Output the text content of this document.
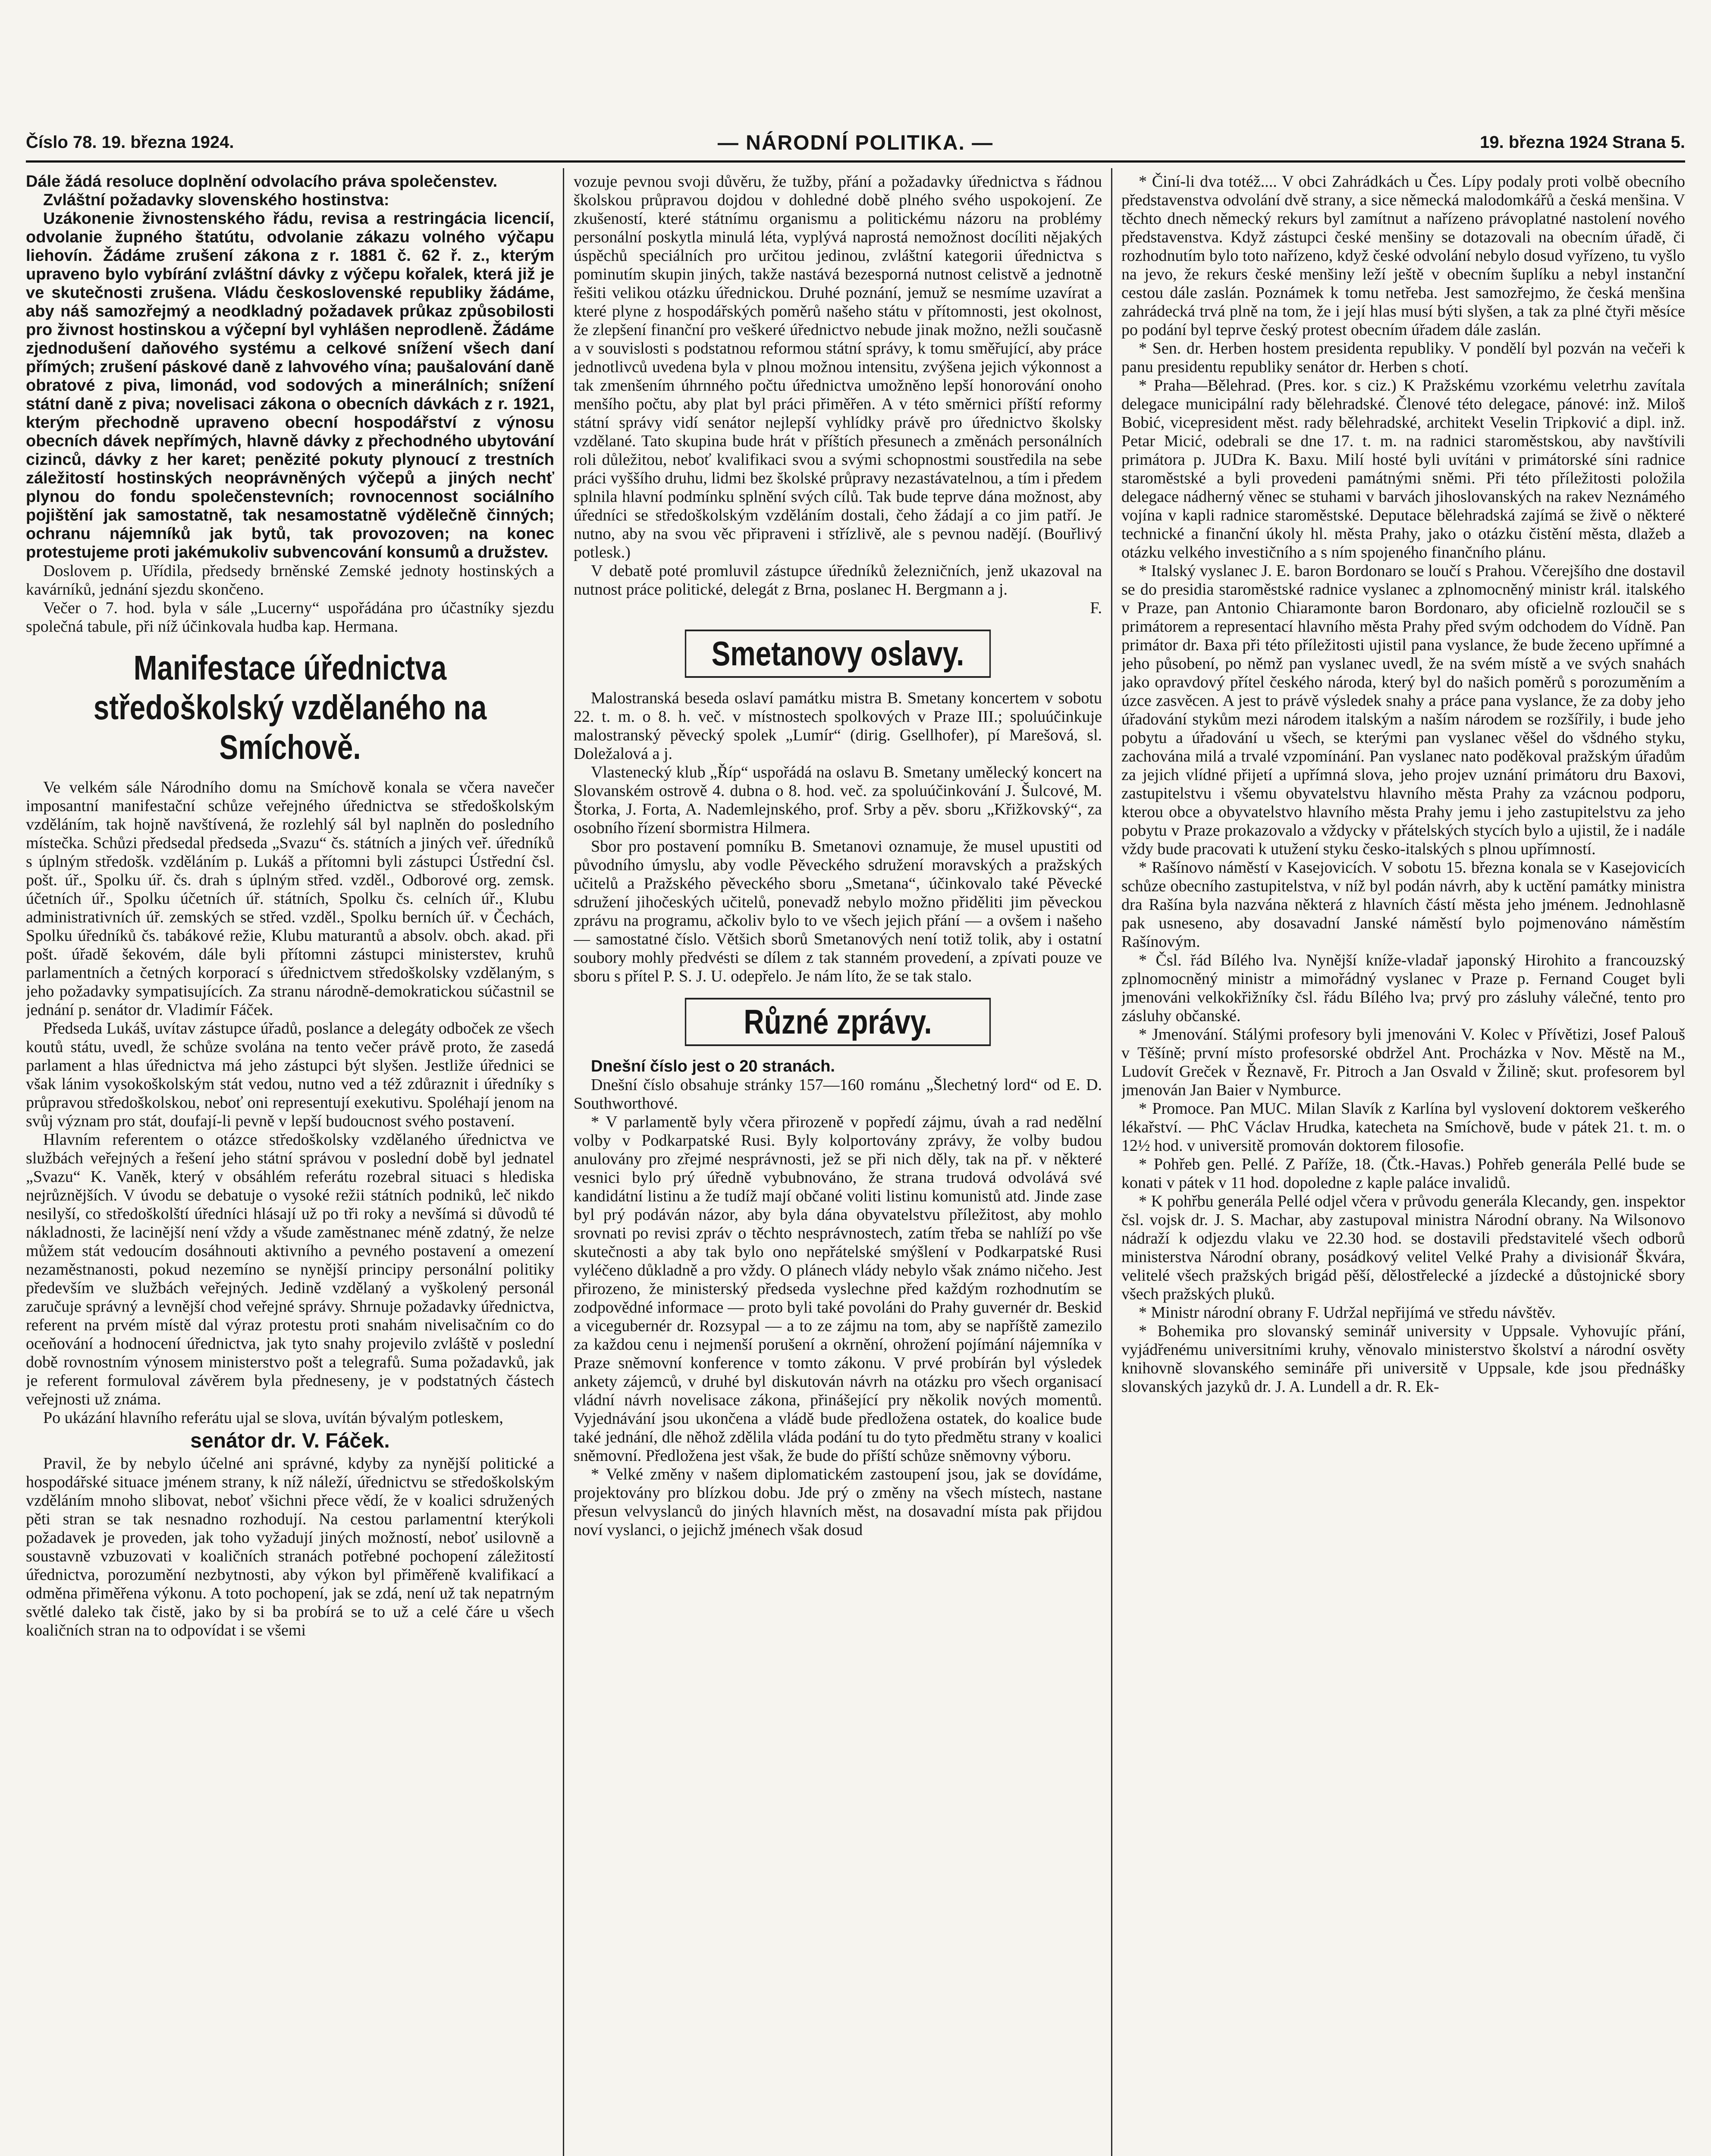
Číslo 78. 19. března 1924.	— NÁRODNÍ POLITIKA. —	19. března 1924 Strana 5.

Dále žádá resoluce doplnění odvolacího práva společenstev.

Zvláštní požadavky slovenského hostinstva:

Uzákonenie živnostenského řádu, revisa a restringácia licencií, odvolanie župného štatútu, odvolanie zákazu volného výčapu liehovín. Žádáme zrušení zákona z r. 1881 č. 62 ř. z., kterým upraveno bylo vybírání zvláštní dávky z výčepu kořalek, která již je ve skutečnosti zrušena. Vládu československé republiky žádáme, aby náš samozřejmý a neodkladný požadavek průkaz způsobilosti pro živnost hostinskou a výčepní byl vyhlášen neprodleně. Žádáme zjednodušení daňového systému a celkové snížení všech daní přímých; zrušení páskové daně z lahvového vína; paušalování daně obratové z piva, limonád, vod sodových a minerálních; snížení státní daně z piva; novelisaci zákona o obecních dávkách z r. 1921, kterým přechodně upraveno obecní hospodářství z výnosu obecních dávek nepřímých, hlavně dávky z přechodného ubytování cizinců, dávky z her karet; penězité pokuty plynoucí z trestních záležitostí hostinských neoprávněných výčepů a jiných nechť plynou do fondu společenstevních; rovnocennost sociálního pojištění jak samostatně, tak nesamostatně výdělečně činných; ochranu nájemníků jak bytů, tak provozoven; na konec protestujeme proti jakémukoliv subvencování konsumů a družstev.

Doslovem p. Uřídila, předsedy brněnské Zemské jednoty hostinských a kavárníků, jednání sjezdu skončeno.

Večer o 7. hod. byla v sále „Lucerny“ uspořádána pro účastníky sjezdu společná tabule, při níž účinkovala hudba kap. Hermana.

Manifestace úřednictva středoškolský vzdělaného na Smíchově.

Ve velkém sále Národního domu na Smíchově konala se včera navečer imposantní manifestační schůze veřejného úřednictva se středoškolským vzděláním, tak hojně navštívená, že rozlehlý sál byl naplněn do posledního místečka. Schůzi předsedal předseda „Svazu“ čs. státních a jiných veř. úředníků s úplným středošk. vzděláním p. Lukáš a přítomni byli zástupci Ústřední čsl. pošt. úř., Spolku úř. čs. drah s úplným střed. vzděl., Odborové org. zemsk. účetních úř., Spolku účetních úř. státních, Spolku čs. celních úř., Klubu administrativních úř. zemských se střed. vzděl., Spolku berních úř. v Čechách, Spolku úředníků čs. tabákové režie, Klubu maturantů a absolv. obch. akad. při pošt. úřadě šekovém, dále byli přítomni zástupci ministerstev, kruhů parlamentních a četných korporací s úřednictvem středoškolsky vzdělaným, s jeho požadavky sympatisujících. Za stranu národně-demokratickou súčastnil se jednání p. senátor dr. Vladimír Fáček.

Předseda Lukáš, uvítav zástupce úřadů, poslance a delegáty odboček ze všech koutů státu, uvedl, že schůze svolána na tento večer právě proto, že zasedá parlament a hlas úřednictva má jeho zástupci být slyšen. Jestliže úřednici se však lánim vysokoškolským stát vedou, nutno ved a též zdůraznit i úředníky s průpravou středoškolskou, neboť oni representují exekutivu. Spoléhají jenom na svůj význam pro stát, doufají-li pevně v lepší budoucnost svého postavení.

Hlavním referentem o otázce středoškolsky vzdělaného úřednictva ve službách veřejných a řešení jeho státní správou v poslední době byl jednatel „Svazu“ K. Vaněk, který v obsáhlém referátu rozebral situaci s hlediska nejrůznějších. V úvodu se debatuje o vysoké režii státních podniků, leč nikdo nesilyší, co středoškolští úředníci hlásají už po tři roky a nevšímá si důvodů té nákladnosti, že lacinější není vždy a všude zaměstnanec méně zdatný, že nelze můžem stát vedoucím dosáhnouti aktivního a pevného postavení a omezení nezaměstnanosti, pokud nezemíno se nynější principy personální politiky především ve službách veřejných. Jedině vzdělaný a vyškolený personál zaručuje správný a levnější chod veřejné správy. Shrnuje požadavky úřednictva, referent na prvém místě dal výraz protestu proti snahám nivelisačním co do oceňování a hodnocení úřednictva, jak tyto snahy projevilo zvláště v poslední době rovnostním výnosem ministerstvo pošt a telegrafů. Suma požadavků, jak je referent formuloval závěrem byla předneseny, je v podstatných částech veřejnosti už známa.

Po ukázání hlavního referátu ujal se slova, uvítán bývalým potleskem,

senátor dr. V. Fáček.

Pravil, že by nebylo účelné ani správné, kdyby za nynější politické a hospodářské situace jménem strany, k níž náleží, úřednictvu se středoškolským vzděláním mnoho slibovat, neboť všichni přece vědí, že v koalici sdružených pěti stran se tak nesnadno rozhodují. Na cestou parlamentní kterýkoli požadavek je proveden, jak toho vyžadují jiných možností, neboť usilovně a soustavně vzbuzovati v koaličních stranách potřebné pochopení záležitostí úřednictva, porozumění nezbytnosti, aby výkon byl přiměřeně kvalifikací a odměna přiměřena výkonu. A toto pochopení, jak se zdá, není už tak nepatrným světlé daleko tak čistě, jako by si ba probírá se to už a celé čáre u všech koaličních stran na to odpovídat i se všemi

vozuje pevnou svoji důvěru, že tužby, přání a požadavky úřednictva s řádnou školskou průpravou dojdou v dohledné době plného svého uspokojení. Ze zkušeností, které státnímu organismu a politickému názoru na problémy personální poskytla minulá léta, vyplývá naprostá nemožnost docíliti nějakých úspěchů speciálních pro určitou jedinou, zvláštní kategorii úřednictva s pominutím skupin jiných, takže nastává bezesporná nutnost celistvě a jednotně řešiti velikou otázku úřednickou. Druhé poznání, jemuž se nesmíme uzavírat a které plyne z hospodářských poměrů našeho státu v přítomnosti, jest okolnost, že zlepšení finanční pro veškeré úřednictvo nebude jinak možno, nežli současně a v souvislosti s podstatnou reformou státní správy, k tomu směřující, aby práce jednotlivců uvedena byla v plnou možnou intensitu, zvýšena jejich výkonnost a tak zmenšením úhrnného počtu úřednictva umožněno lepší honorování onoho menšího počtu, aby plat byl práci přiměřen. A v této směrnici příští reformy státní správy vidí senátor nejlepší vyhlídky právě pro úřednictvo školsky vzdělané. Tato skupina bude hrát v příštích přesunech a změnách personálních roli důležitou, neboť kvalifikaci svou a svými schopnostmi soustředila na sebe práci vyššího druhu, lidmi bez školské průpravy nezastávatelnou, a tím i předem splnila hlavní podmínku splnění svých cílů. Tak bude teprve dána možnost, aby úředníci se středoškolským vzděláním dostali, čeho žádají a co jim patří. Je nutno, aby na svou věc připraveni i střízlivě, ale s pevnou nadějí. (Bouřlivý potlesk.)

V debatě poté promluvil zástupce úředníků železničních, jenž ukazoval na nutnost práce politické, delegát z Brna, poslanec H. Bergmann a j.

F.

Smetanovy oslavy.

Malostranská beseda oslaví památku mistra B. Smetany koncertem v sobotu 22. t. m. o 8. h. več. v místnostech spolkových v Praze III.; spoluúčinkuje malostranský pěvecký spolek „Lumír“ (dirig. Gsellhofer), pí Marešová, sl. Doležalová a j.

Vlastenecký klub „Říp“ uspořádá na oslavu B. Smetany umělecký koncert na Slovanském ostrově 4. dubna o 8. hod. več. za spoluúčinkování J. Šulcové, M. Štorka, J. Forta, A. Nademlejnského, prof. Srby a pěv. sboru „Křižkovský“, za osobního řízení sbormistra Hilmera.

Sbor pro postavení pomníku B. Smetanovi oznamuje, že musel upustiti od původního úmyslu, aby vodle Pěveckého sdružení moravských a pražských učitelů a Pražského pěveckého sboru „Smetana“, účinkovalo také Pěvecké sdružení jihočeských učitelů, ponevadž nebylo možno přiděliti jim pěveckou zprávu na programu, ačkoliv bylo to ve všech jejich přání — a ovšem i našeho — samostatné číslo. Většich sborů Smetanových není totiž tolik, aby i ostatní soubory mohly předvésti se dílem z tak stanném provedení, a zpívati pouze ve sboru s přítel P. S. J. U. odepřelo. Je nám líto, že se tak stalo.

Různé zprávy.

Dnešní číslo jest o 20 stranách.

Dnešní číslo obsahuje stránky 157—160 románu „Šlechetný lord“ od E. D. Southworthové.

* V parlamentě byly včera přirozeně v popředí zájmu, úvah a rad nedělní volby v Podkarpatské Rusi. Byly kolportovány zprávy, že volby budou anulovány pro zřejmé nesprávnosti, jež se při nich děly, tak na př. v některé vesnici bylo prý úředně vybubnováno, že strana trudová odvolává své kandidátní listinu a že tudíž mají občané voliti listinu komunistů atd. Jinde zase byl prý podáván názor, aby byla dána obyvatelstvu příležitost, aby mohlo srovnati po revisi zpráv o těchto nesprávnostech, zatím třeba se nahlíží po vše skutečnosti a aby tak bylo ono nepřátelské smýšlení v Podkarpatské Rusi vyléčeno důkladně a pro vždy. O plánech vlády nebylo však známo ničeho. Jest přirozeno, že ministerský předseda vyslechne před každým rozhodnutím se zodpovědné informace — proto byli také povoláni do Prahy guvernér dr. Beskid a vicegubernér dr. Rozsypal — a to ze zájmu na tom, aby se napříště zamezilo za každou cenu i nejmenší porušení a okrnění, ohrožení pojímání nájemníka v Praze sněmovní konference v tomto zákonu. V prvé probírán byl výsledek ankety zájemců, v druhé byl diskutován návrh na otázku pro všech organisací vládní návrh novelisace zákona, přinášející pry několik nových momentů. Vyjednávání jsou ukončena a vládě bude předložena ostatek, do koalice bude také jednání, dle něhož zdělila vláda podání tu do tyto předmětu strany v koalici sněmovní. Předložena jest však, že bude do příští schůze sněmovny výboru.

* Velké změny v našem diplomatickém zastoupení jsou, jak se dovídáme, projektovány pro blízkou dobu. Jde prý o změny na všech místech, nastane přesun velvyslanců do jiných hlavních měst, na dosavadní místa pak přijdou noví vyslanci, o jejichž jménech však dosud

* Činí-li dva totéž.... V obci Zahrádkách u Čes. Lípy podaly proti volbě obecního představenstva odvolání dvě strany, a sice německá malodomkářů a česká menšina. V těchto dnech německý rekurs byl zamítnut a nařízeno právoplatné nastolení nového představenstva. Když zástupci české menšiny se dotazovali na obecním úřadě, či rozhodnutím bylo toto nařízeno, když české odvolání nebylo dosud vyřízeno, tu vyšlo na jevo, že rekurs české menšiny leží ještě v obecním šuplíku a nebyl instanční cestou dále zaslán. Poznámek k tomu netřeba. Jest samozřejmo, že česká menšina zahrádecká trvá plně na tom, že i její hlas musí býti slyšen, a tak za plné čtyři měsíce po podání byl teprve český protest obecním úřadem dále zaslán.

* Sen. dr. Herben hostem presidenta republiky. V pondělí byl pozván na večeři k panu presidentu republiky senátor dr. Herben s chotí.

* Praha—Bělehrad. (Pres. kor. s ciz.) K Pražskému vzorkému veletrhu zavítala delegace municipální rady bělehradské. Členové této delegace, pánové: inž. Miloš Bobić, vicepresident měst. rady bělehradské, architekt Veselin Tripković a dipl. inž. Petar Micić, odebrali se dne 17. t. m. na radnici staroměstskou, aby navštívili primátora p. JUDra K. Baxu. Milí hosté byli uvítáni v primátorské síni radnice staroměstské a byli provedeni památnými sněmi. Při této příležitosti položila delegace nádherný věnec se stuhami v barvách jihoslovanských na rakev Neznámého vojína v kapli radnice staroměstské. Deputace bělehradská zajímá se živě o některé technické a finanční úkoly hl. města Prahy, jako o otázku čistění města, dlažeb a otázku velkého investičního a s ním spojeného finančního plánu.

* Italský vyslanec J. E. baron Bordonaro se loučí s Prahou. Včerejšího dne dostavil se do presidia staroměstské radnice vyslanec a zplnomocněný ministr král. italského v Praze, pan Antonio Chiaramonte baron Bordonaro, aby oficielně rozloučil se s primátorem a representací hlavního města Prahy před svým odchodem do Vídně. Pan primátor dr. Baxa při této příležitosti ujistil pana vyslance, že bude žeceno upřímné a jeho působení, po němž pan vyslanec uvedl, že na svém místě a ve svých snahách jako opravdový přítel českého národa, který byl do našich poměrů s porozuměním a úzce zasvěcen. A jest to právě výsledek snahy a práce pana vyslance, že za doby jeho úřadování stykům mezi národem italským a naším národem se rozšířily, i bude jeho pobytu a úřadování u všech, se kterými pan vyslanec věšel do všdného styku, zachována milá a trvalé vzpomínání. Pan vyslanec nato poděkoval pražským úřadům za jejich vlídné přijetí a upřímná slova, jeho projev uznání primátoru dru Baxovi, zastupitelstvu i všemu obyvatelstvu hlavního města Prahy za vzácnou podporu, kterou obce a obyvatelstvo hlavního města Prahy jemu i jeho zastupitelstvu za jeho pobytu v Praze prokazovalo a vždycky v přátelských stycích bylo a ujistil, že i nadále vždy bude pracovati k utužení styku česko-italských s plnou upřímností.

* Rašínovo náměstí v Kasejovicích. V sobotu 15. března konala se v Kasejovicích schůze obecního zastupitelstva, v níž byl podán návrh, aby k uctění památky ministra dra Rašína byla nazvána některá z hlavních částí města jeho jménem. Jednohlasně pak usneseno, aby dosavadní Janské náměstí bylo pojmenováno náměstím Rašínovým.

* Čsl. řád Bílého lva. Nynější kníže-vladař japonský Hirohito a francouzský zplnomocněný ministr a mimořádný vyslanec v Praze p. Fernand Couget byli jmenováni velkokřižníky čsl. řádu Bílého lva; prvý pro zásluhy válečné, tento pro zásluhy občanské.

* Jmenování. Stálými profesory byli jmenováni V. Kolec v Přívětizi, Josef Palouš v Těšíně; první místo profesorské obdržel Ant. Procházka v Nov. Městě na M., Ludovít Greček v Řeznavě, Fr. Pitroch a Jan Osvald v Žilině; skut. profesorem byl jmenován Jan Baier v Nymburce.

* Promoce. Pan MUC. Milan Slavík z Karlína byl vyslovení doktorem veškerého lékařství. — PhC Václav Hrudka, katecheta na Smíchově, bude v pátek 21. t. m. o 12½ hod. v universitě promován doktorem filosofie.

* Pohřeb gen. Pellé. Z Paříže, 18. (Čtk.-Havas.) Pohřeb generála Pellé bude se konati v pátek v 11 hod. dopoledne z kaple paláce invalidů.

* K pohřbu generála Pellé odjel včera v průvodu generála Klecandy, gen. inspektor čsl. vojsk dr. J. S. Machar, aby zastupoval ministra Národní obrany. Na Wilsonovo nádraží k odjezdu vlaku ve 22.30 hod. se dostavili představitelé všech odborů ministerstva Národní obrany, posádkový velitel Velké Prahy a divisionář Škvára, velitelé všech pražských brigád pěší, dělostřelecké a jízdecké a důstojnické sbory všech pražských pluků.

* Ministr národní obrany F. Udržal nepřijímá ve středu návštěv.

* Bohemika pro slovanský seminář university v Uppsale. Vyhovujíc přání, vyjádřenému universitními kruhy, věnovalo ministerstvo školství a národní osvěty knihovně slovanského semináře při universitě v Uppsale, kde jsou přednášky slovanských jazyků dr. J. A. Lundell a dr. R. Ek-
